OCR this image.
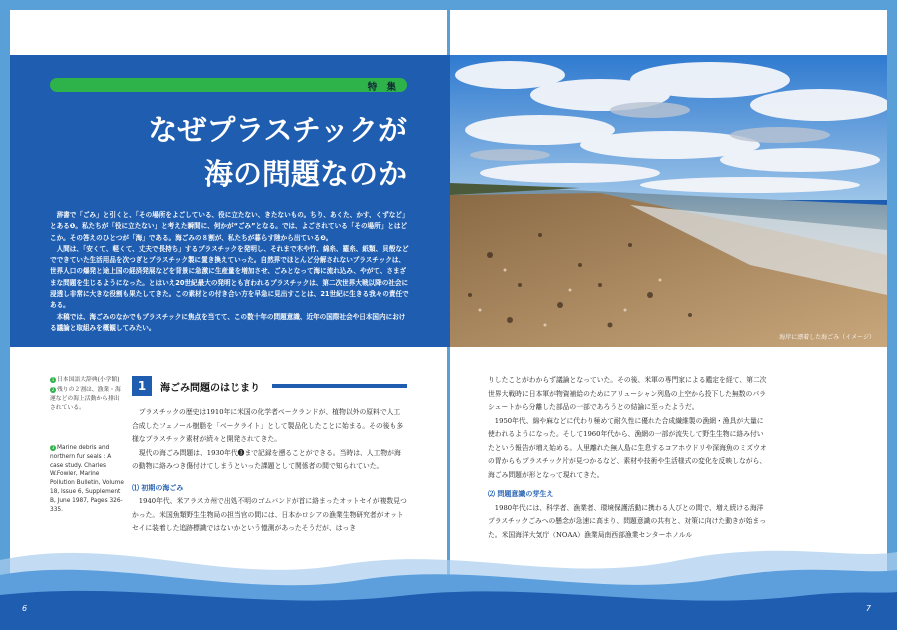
海岸に漂着した海ごみ（イメージ）
特 集
なぜプラスチックが
海の問題なのか

辞書で「ごみ」と引くと、「その場所をよごしている、役に立たない、きたないもの。ちり、あくた、かす、くずなど」とある❶。私たちが「役に立たない」と考えた瞬間に、何かが“ごみ”となる。では、よごされている「その場所」とはどこか。その答えのひとつが「海」である。海ごみの８割が、私たちが暮らす陸から出ている❷。

人間は、「安くて、軽くて、丈夫で長持ち」するプラスチックを発明し、それまで木や竹、綿糸、羅糸、紙類、貝殻などでできていた生活用品を次つぎとプラスチック製に置き換えていった。自然界でほとんど分解されないプラスチックは、世界人口の爆発と途上国の経済発展などを背景に急激に生産量を増加させ、ごみとなって海に流れ込み、やがて、さまざまな問題を生じるようになった。とはいえ20世紀最大の発明とも言われるプラスチックは、第二次世界大戦以降の社会に浸透し非常に大きな役割も果たしてきた。この素材との付き合い方を早急に見出すことは、21世紀に生きる我々の責任である。

本稿では、海ごみのなかでもプラスチックに焦点を当てて、この数十年の問題意識、近年の国際社会や日本国内における議論と取組みを概観してみたい。

1 日本国語大辞典(小学館)
2 残りの２割は、漁業・海運などの海上活動から排出されている。
3 Marine debris and northern fur seals : A case study. Charles W.Fowler, Marine Pollution Bulletin, Volume 18, Issue 6, Supplement B, June 1987, Pages 326-335.
1	海ごみ問題のはじまり

プラスチックの歴史は1910年に米国の化学者ベークランドが、植物以外の原料で人工合成したフェノール樹脂を「ベークライト」として製品化したことに始まる。その後も多様なプラスチック素材が続々と開発されてきた。

現代の海ごみ問題は、1930年代❸まで記録を遡ることができる。当時は、人工物が海の動物に絡みつき傷付けてしまうといった課題として関係者の間で知られていた。

⑴ 初期の海ごみ

1940年代、米アラスカ州で出処不明のゴムバンドが首に絡まったオットセイが複数見つかった。米国魚類野生生物局の担当官の間には、日本かロシアの漁業生物研究者がオットセイに装着した追跡標識ではないかという憶測があったそうだが、はっき

りしたことがわからず議論となっていた。その後、米軍の専門家による鑑定を経て、第二次世界大戦時に日本軍が物資補給のためにアリューシャン列島の上空から投下した無数のパラシュートから分離した部品の一部であろうとの結論に至ったようだ。

1950年代、綿や麻などに代わり極めて耐久性に優れた合成繊維製の漁網・漁具が大量に使われるようになった。そして1960年代から、漁網の一部が流失して野生生物に絡み付いたという報告が増え始める。人里離れた無人島に生息するコアホウドリや深海魚のミズウオの胃からもプラスチック片が見つかるなど、素材や技術や生活様式の変化を反映しながら、海ごみ問題が形となって現れてきた。

⑵ 問題意識の芽生え

1980年代には、科学者、漁業者、環境保護活動に携わる人びとの間で、増え続ける海洋プラスチックごみへの懸念が急速に高まり、問題意識の共有と、対策に向けた動きが始まった。米国海洋大気庁（NOAA）漁業局南西部漁業センターホノルル

6	7
